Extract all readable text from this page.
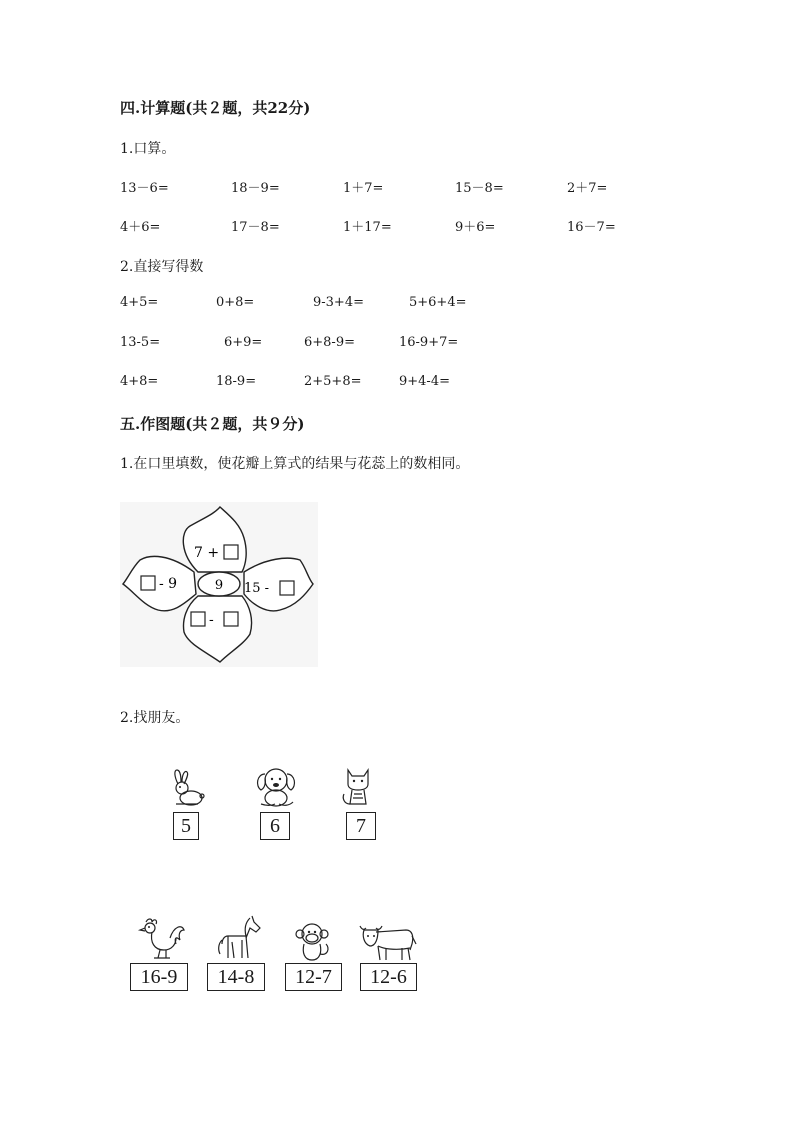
四.计算题(共２题，共22分)
1.口算。
13－6=	18－9=	1＋7=	15－8=	2＋7=
4＋6=	17－8=	1＋17=	9＋6=	16－7=
2.直接写得数
4+5=	0+8=	9-3+4=	5+6+4=
13-5=	6+9=	6+8-9=	16-9+7=
4+8=	18-9=	2+5+8=	9+4-4=
五.作图题(共２题，共９分)
1.在口里填数，使花瓣上算式的结果与花蕊上的数相同。
9
7 +
- 9	15 -
-
2.找朋友。
5	6	7
16-9	14-8	12-7	12-6
